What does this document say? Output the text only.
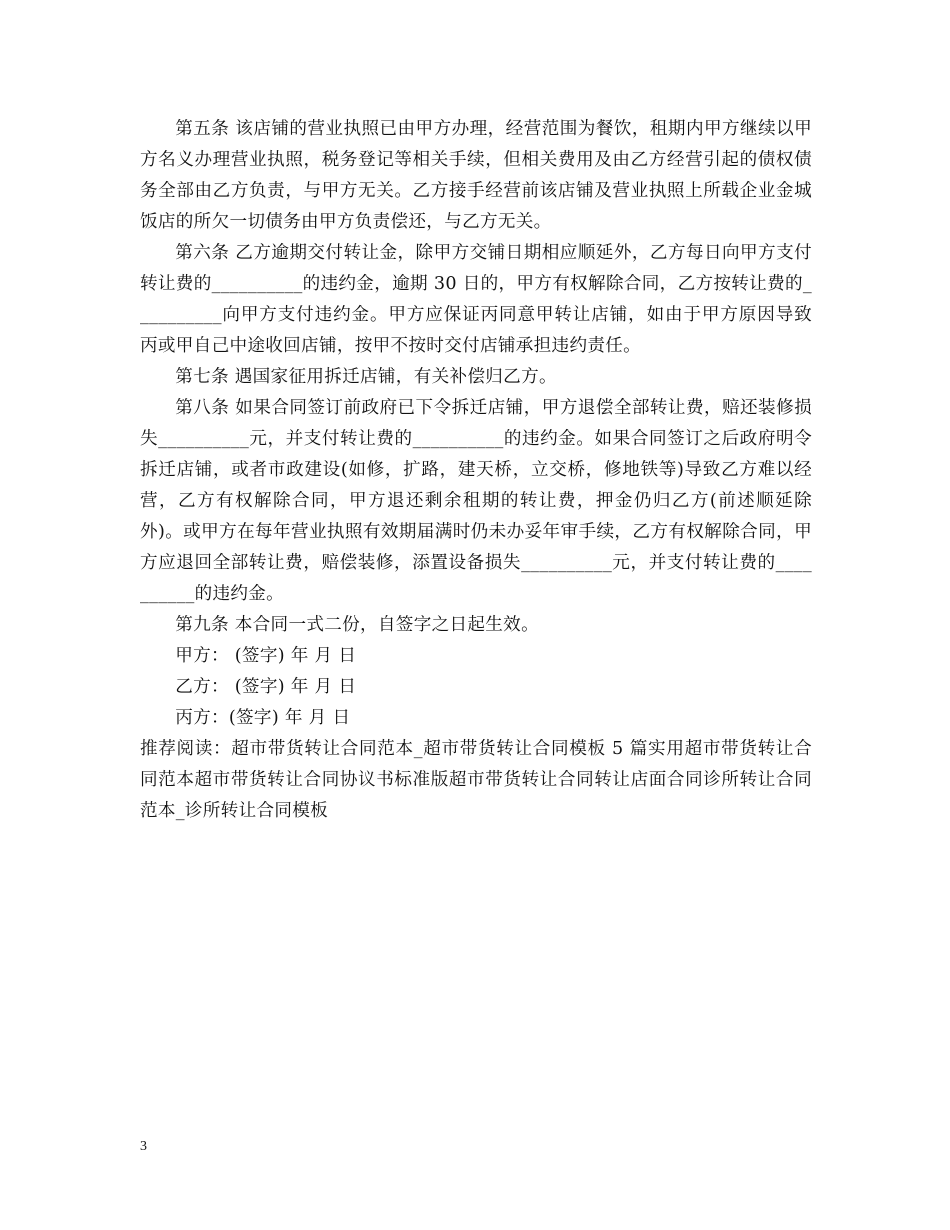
第五条 该店铺的营业执照已由甲方办理，经营范围为餐饮，租期内甲方继续以甲方名义办理营业执照，税务登记等相关手续，但相关费用及由乙方经营引起的债权债务全部由乙方负责，与甲方无关。乙方接手经营前该店铺及营业执照上所载企业金城饭店的所欠一切债务由甲方负责偿还，与乙方无关。

第六条 乙方逾期交付转让金，除甲方交铺日期相应顺延外，乙方每日向甲方支付转让费的__________的违约金，逾期 30 日的，甲方有权解除合同，乙方按转让费的__________向甲方支付违约金。甲方应保证丙同意甲转让店铺，如由于甲方原因导致丙或甲自己中途收回店铺，按甲不按时交付店铺承担违约责任。

第七条 遇国家征用拆迁店铺，有关补偿归乙方。

第八条 如果合同签订前政府已下令拆迁店铺，甲方退偿全部转让费，赔还装修损失__________元，并支付转让费的__________的违约金。如果合同签订之后政府明令拆迁店铺，或者市政建设(如修，扩路，建天桥，立交桥，修地铁等)导致乙方难以经营，乙方有权解除合同，甲方退还剩余租期的转让费，押金仍归乙方(前述顺延除外)。或甲方在每年营业执照有效期届满时仍未办妥年审手续，乙方有权解除合同，甲方应退回全部转让费，赔偿装修，添置设备损失__________元，并支付转让费的__________的违约金。

第九条 本合同一式二份，自签字之日起生效。

甲方： (签字) 年 月 日

乙方： (签字) 年 月 日

丙方：(签字) 年 月 日

推荐阅读：超市带货转让合同范本_超市带货转让合同模板 5 篇实用超市带货转让合同范本超市带货转让合同协议书标准版超市带货转让合同转让店面合同诊所转让合同范本_诊所转让合同模板

3
